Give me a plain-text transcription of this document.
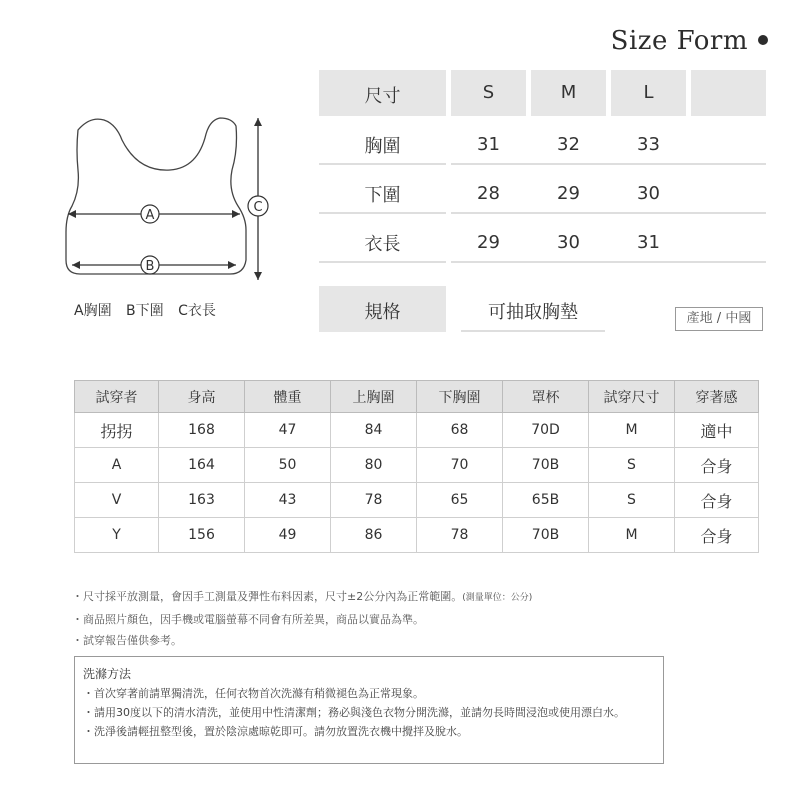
Size Form
A
B
C
A胸圍 B下圍 C衣長
尺寸	S	M	L
胸圍	31	32	33
下圍	28	29	30
衣長	29	30	31
規格	可抽取胸墊	產地 / 中國
試穿者	身高	體重	上胸圍	下胸圍	罩杯	試穿尺寸	穿著感
拐拐	168	47	84	68	70D	M	適中
A	164	50	80	70	70B	S	合身
V	163	43	78	65	65B	S	合身
Y	156	49	86	78	70B	M	合身
・尺寸採平放測量，會因手工測量及彈性布料因素，尺寸±2公分內為正常範圍。(測量單位：公分)
・商品照片顏色，因手機或電腦螢幕不同會有所差異，商品以實品為準。
・試穿報告僅供參考。
洗滌方法
・首次穿著前請單獨清洗，任何衣物首次洗滌有稍微褪色為正常現象。
・請用30度以下的清水清洗，並使用中性清潔劑；務必與淺色衣物分開洗滌，並請勿長時間浸泡或使用漂白水。
・洗淨後請輕扭整型後，置於陰涼處晾乾即可。請勿放置洗衣機中攪拌及脫水。
